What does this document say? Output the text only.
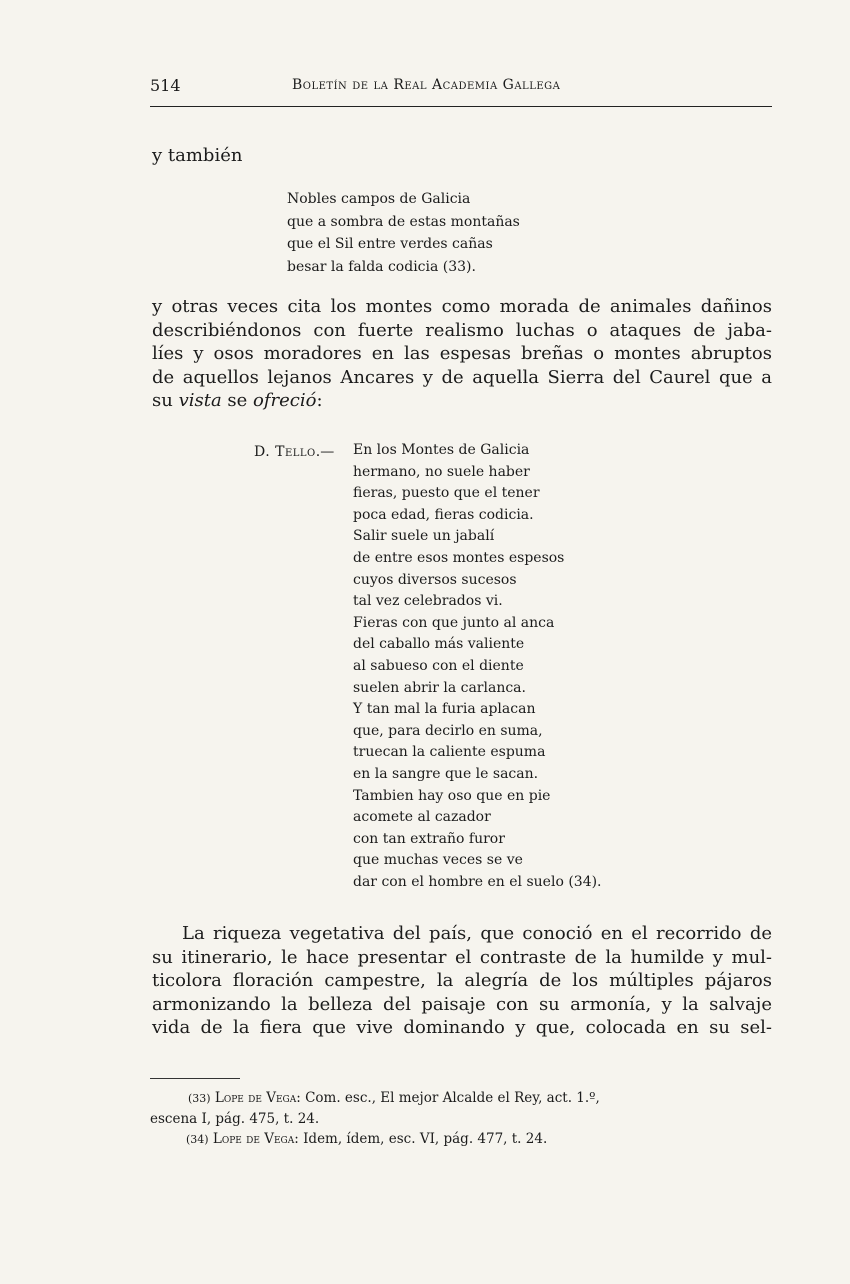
514	Boletín de la Real Academia Gallega
y también
Nobles campos de Galicia
que a sombra de estas montañas
que el Sil entre verdes cañas
besar la falda codicia (33).
y otras veces cita los montes como morada de animales dañinos
describiéndonos con fuerte realismo luchas o ataques de jaba-
líes y osos moradores en las espesas breñas o montes abruptos
de aquellos lejanos Ancares y de aquella Sierra del Caurel que a
su vista se ofreció:
D. Tello.— En los Montes de Galicia
hermano, no suele haber
fieras, puesto que el tener
poca edad, fieras codicia.
Salir suele un jabalí
de entre esos montes espesos
cuyos diversos sucesos
tal vez celebrados vi.
Fieras con que junto al anca
del caballo más valiente
al sabueso con el diente
suelen abrir la carlanca.
Y tan mal la furia aplacan
que, para decirlo en suma,
truecan la caliente espuma
en la sangre que le sacan.
Tambien hay oso que en pie
acomete al cazador
con tan extraño furor
que muchas veces se ve
dar con el hombre en el suelo (34).
La riqueza vegetativa del país, que conoció en el recorrido de
su itinerario, le hace presentar el contraste de la humilde y mul-
ticolora floración campestre, la alegría de los múltiples pájaros
armonizando la belleza del paisaje con su armonía, y la salvaje
vida de la fiera que vive dominando y que, colocada en su sel-
(33) Lope de Vega: Com. esc., El mejor Alcalde el Rey, act. 1.º,
escena I, pág. 475, t. 24.
(34) Lope de Vega: Idem, ídem, esc. VI, pág. 477, t. 24.
